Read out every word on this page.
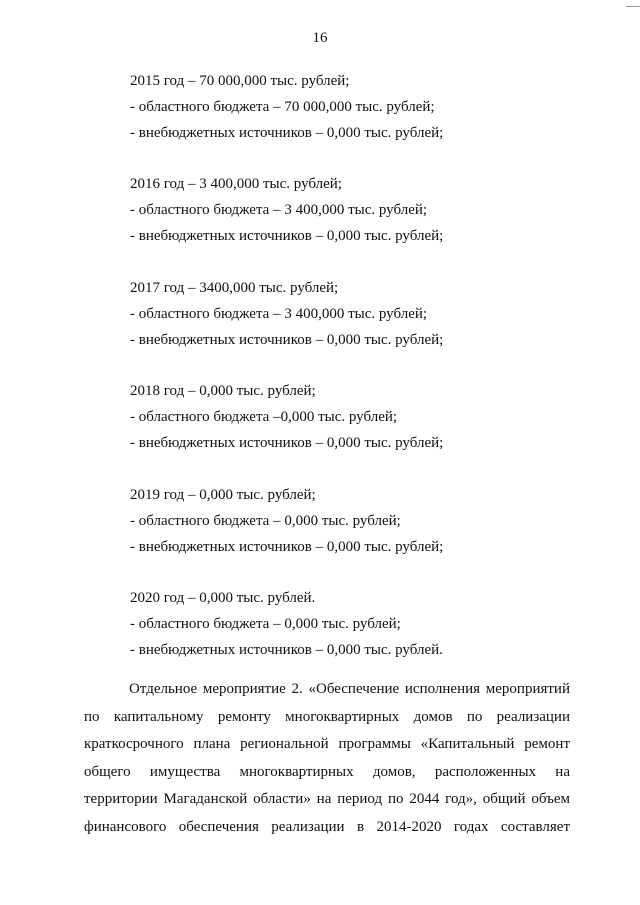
16
2015 год – 70 000,000 тыс. рублей;
- областного бюджета – 70 000,000 тыс. рублей;
- внебюджетных источников – 0,000 тыс. рублей;
2016 год – 3 400,000 тыс. рублей;
- областного бюджета – 3 400,000 тыс. рублей;
- внебюджетных источников – 0,000 тыс. рублей;
2017 год – 3400,000 тыс. рублей;
- областного бюджета – 3 400,000 тыс. рублей;
- внебюджетных источников – 0,000 тыс. рублей;
2018 год – 0,000 тыс. рублей;
- областного бюджета –0,000 тыс. рублей;
- внебюджетных источников – 0,000 тыс. рублей;
2019 год – 0,000 тыс. рублей;
- областного бюджета – 0,000 тыс. рублей;
- внебюджетных источников – 0,000 тыс. рублей;
2020 год – 0,000 тыс. рублей.
- областного бюджета – 0,000 тыс. рублей;
- внебюджетных источников – 0,000 тыс. рублей.
Отдельное мероприятие 2. «Обеспечение исполнения мероприятий
по капитальному ремонту многоквартирных домов по реализации
краткосрочного плана региональной программы «Капитальный ремонт
общего имущества многоквартирных домов, расположенных на
территории Магаданской области» на период по 2044 год», общий объем
финансового обеспечения реализации в 2014-2020 годах составляет
